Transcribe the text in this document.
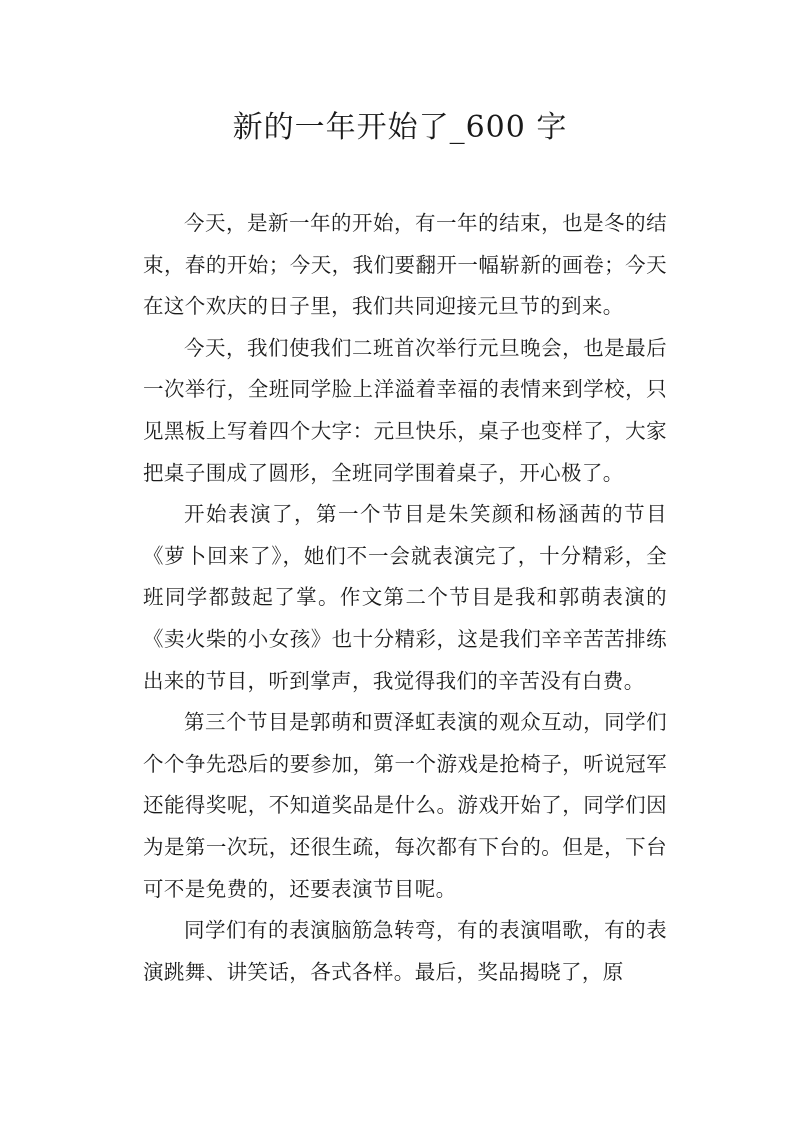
新的一年开始了_600 字

今天，是新一年的开始，有一年的结束，也是冬的结束，春的开始；今天，我们要翻开一幅崭新的画卷；今天在这个欢庆的日子里，我们共同迎接元旦节的到来。

今天，我们使我们二班首次举行元旦晚会，也是最后一次举行，全班同学脸上洋溢着幸福的表情来到学校，只见黑板上写着四个大字：元旦快乐，桌子也变样了，大家把桌子围成了圆形，全班同学围着桌子，开心极了。

开始表演了，第一个节目是朱笑颜和杨涵茜的节目《萝卜回来了》，她们不一会就表演完了，十分精彩，全班同学都鼓起了掌。作文第二个节目是我和郭萌表演的《卖火柴的小女孩》也十分精彩，这是我们辛辛苦苦排练出来的节目，听到掌声，我觉得我们的辛苦没有白费。

第三个节目是郭萌和贾泽虹表演的观众互动，同学们个个争先恐后的要参加，第一个游戏是抢椅子，听说冠军还能得奖呢，不知道奖品是什么。游戏开始了，同学们因为是第一次玩，还很生疏，每次都有下台的。但是，下台可不是免费的，还要表演节目呢。

同学们有的表演脑筋急转弯，有的表演唱歌，有的表演跳舞、讲笑话，各式各样。最后，奖品揭晓了，原
